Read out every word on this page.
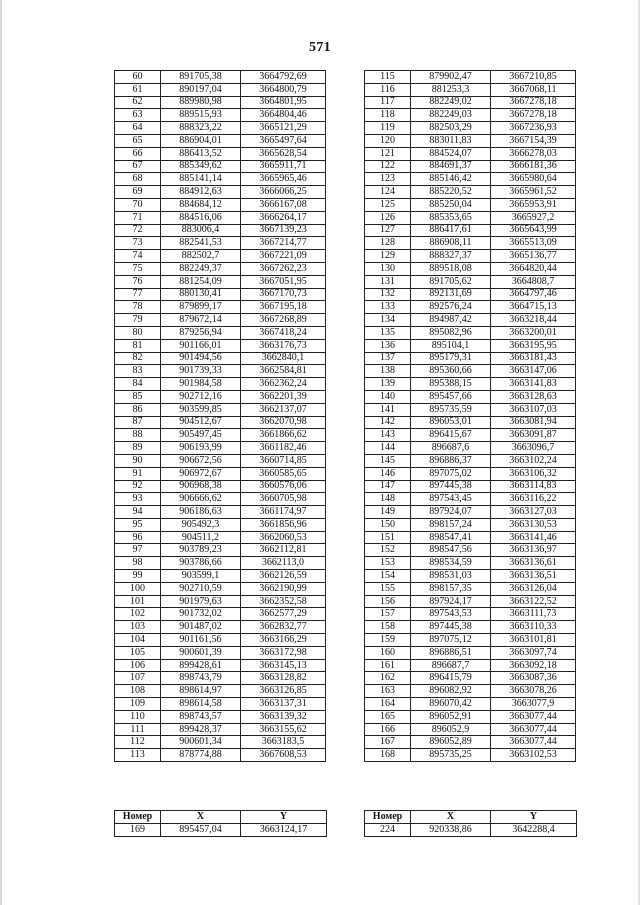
571
60	891705,38	3664792,69
61	890197,04	3664800,79
62	889980,98	3664801,95
63	889515,93	3664804,46
64	888323,22	3665121,29
65	886904,01	3665497,64
66	886413,52	3665628,54
67	885349,62	3665911,71
68	885141,14	3665965,46
69	884912,63	3666066,25
70	884684,12	3666167,08
71	884516,06	3666264,17
72	883006,4	3667139,23
73	882541,53	3667214,77
74	882502,7	3667221,09
75	882249,37	3667262,23
76	881254,09	3667051,95
77	880130,41	3667170,73
78	879899,17	3667195,18
79	879672,14	3667268,89
80	879256,94	3667418,24
81	901166,01	3663176,73
82	901494,56	3662840,1
83	901739,33	3662584,81
84	901984,58	3662362,24
85	902712,16	3662201,39
86	903599,85	3662137,07
87	904512,67	3662070,98
88	905497,45	3661866,62
89	906193,99	3661182,46
90	906672,56	3660714,85
91	906972,67	3660585,65
92	906968,38	3660576,06
93	906666,62	3660705,98
94	906186,63	3661174,97
95	905492,3	3661856,96
96	904511,2	3662060,53
97	903789,23	3662112,81
98	903786,66	3662113,0
99	903599,1	3662126,59
100	902710,59	3662190,99
101	901979,63	3662352,58
102	901732,02	3662577,29
103	901487,02	3662832,77
104	901161,56	3663166,29
105	900601,39	3663172,98
106	899428,61	3663145,13
107	898743,79	3663128,82
108	898614,97	3663126,85
109	898614,58	3663137,31
110	898743,57	3663139,32
111	899428,37	3663155,62
112	900601,34	3663183,5
113	878774,88	3667608,53
115	879902,47	3667210,85
116	881253,3	3667068,11
117	882249,02	3667278,18
118	882249,03	3667278,18
119	882503,29	3667236,93
120	883011,83	3667154,39
121	884524,07	3666278,03
122	884691,37	3666181,36
123	885146,42	3665980,64
124	885220,52	3665961,52
125	885250,04	3665953,91
126	885353,65	3665927,2
127	886417,61	3665643,99
128	886908,11	3665513,09
129	888327,37	3665136,77
130	889518,08	3664820,44
131	891705,62	3664808,7
132	892131,69	3664797,46
133	892576,24	3664715,13
134	894987,42	3663218,44
135	895082,96	3663200,01
136	895104,1	3663195,95
137	895179,31	3663181,43
138	895360,66	3663147,06
139	895388,15	3663141,83
140	895457,66	3663128,63
141	895735,59	3663107,03
142	896053,01	3663081,94
143	896415,67	3663091,87
144	896687,6	3663096,7
145	896886,37	3663102,24
146	897075,02	3663106,32
147	897445,38	3663114,83
148	897543,45	3663116,22
149	897924,07	3663127,03
150	898157,24	3663130,53
151	898547,41	3663141,46
152	898547,56	3663136,97
153	898534,59	3663136,61
154	898531,03	3663136,51
155	898157,35	3663126,04
156	897924,17	3663122,52
157	897543,53	3663111,73
158	897445,38	3663110,33
159	897075,12	3663101,81
160	896886,51	3663097,74
161	896687,7	3663092,18
162	896415,79	3663087,36
163	896082,92	3663078,26
164	896070,42	3663077,9
165	896052,91	3663077,44
166	896052,9	3663077,44
167	896052,89	3663077,44
168	895735,25	3663102,53
Номер	X	Y
169	895457,04	3663124,17
Номер	X	Y
224	920338,86	3642288,4
